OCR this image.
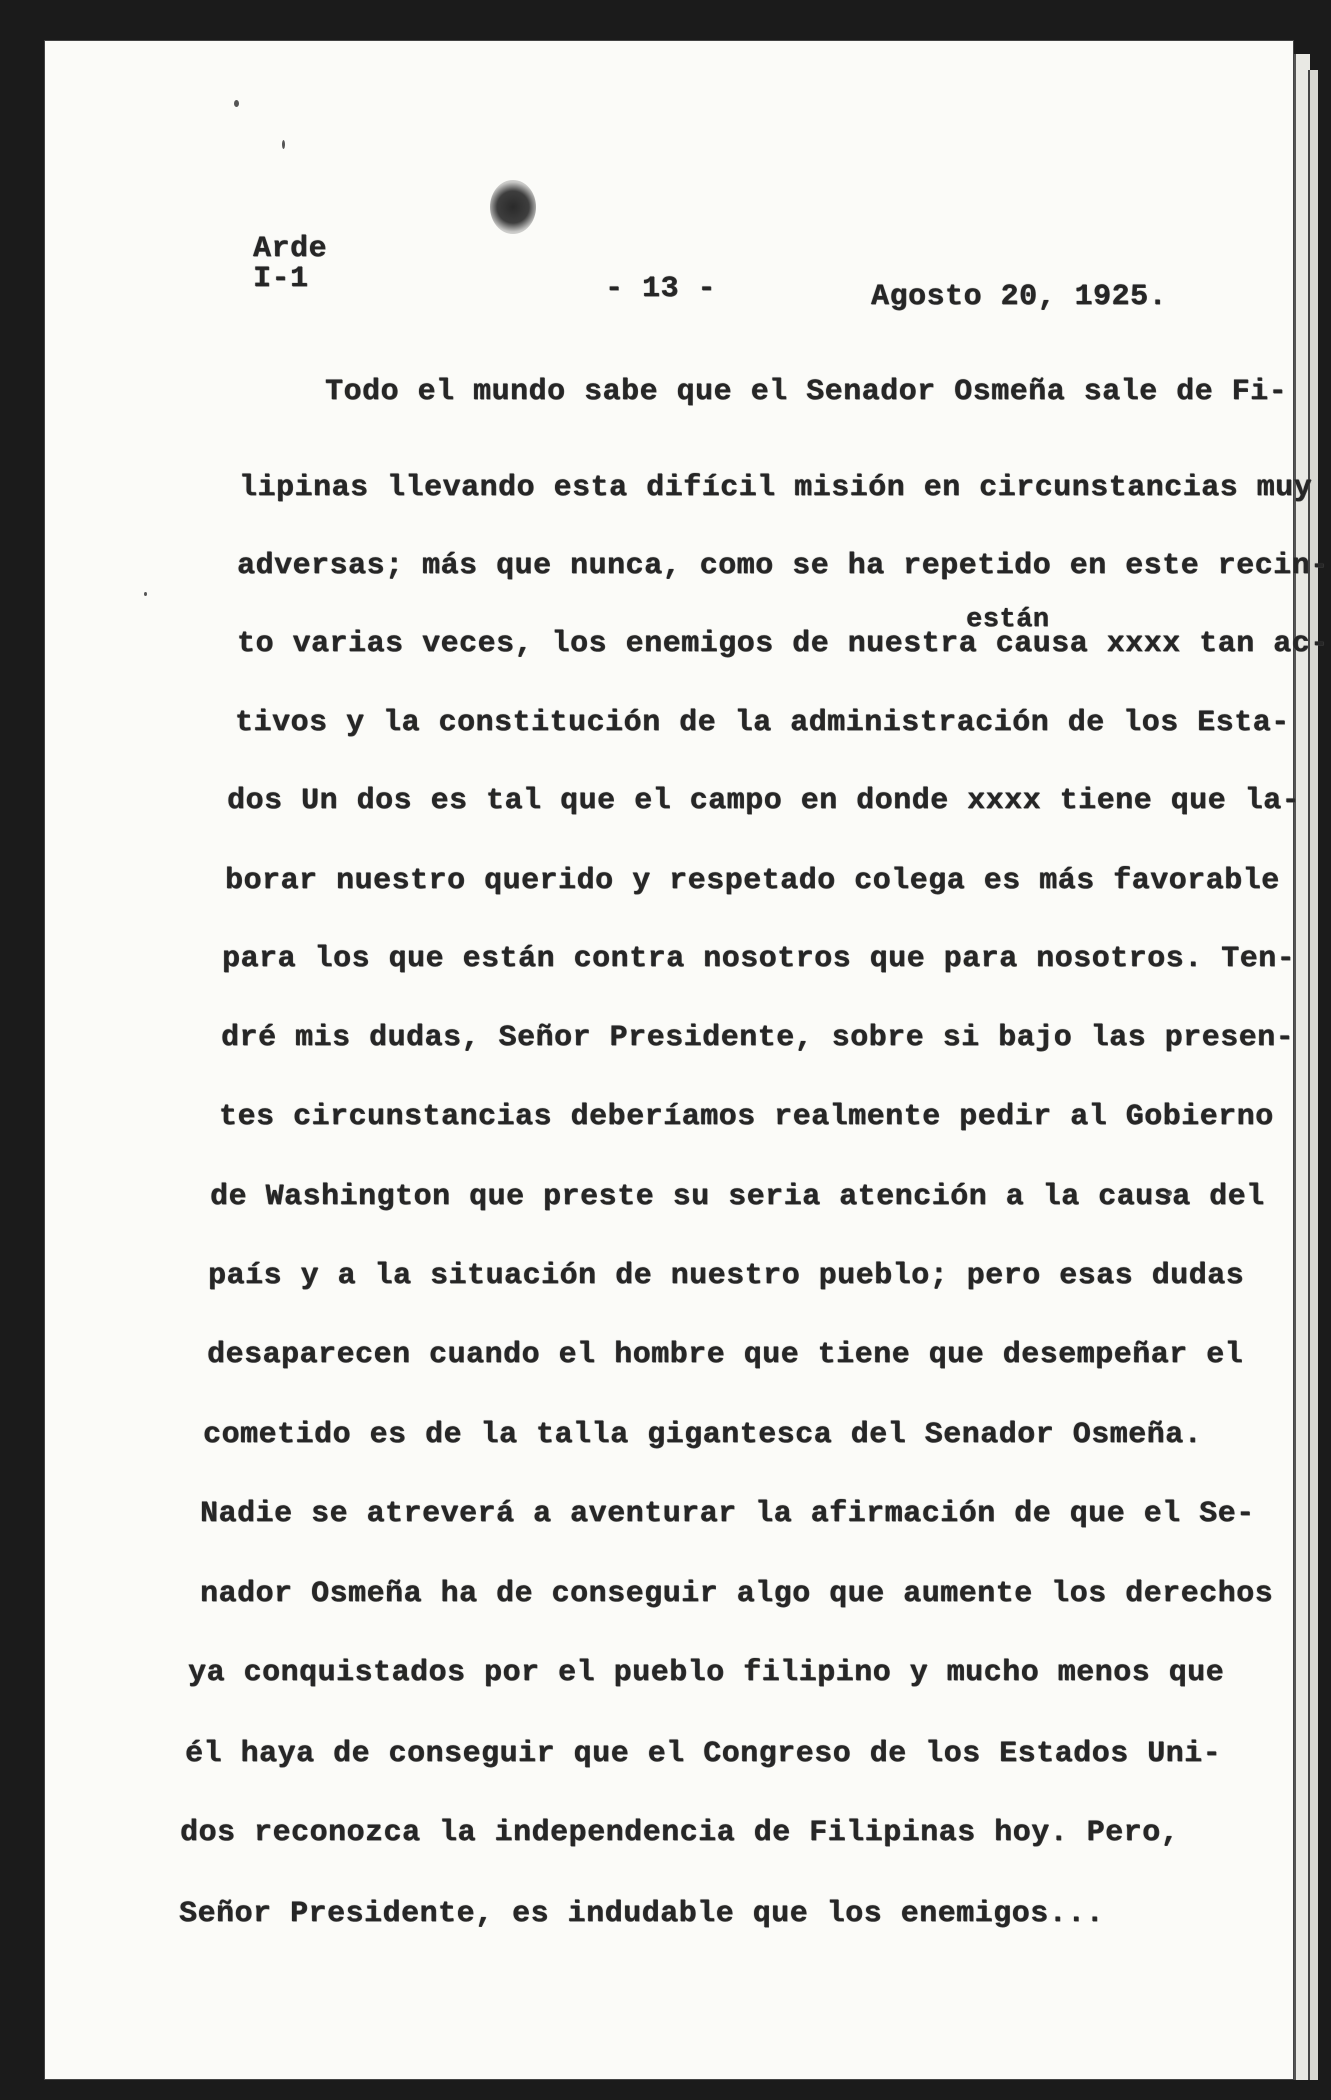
Arde
I-1	- 13 -	Agosto 20, 1925.
están
Todo el mundo sabe que el Senador Osmeña sale de Fi-
lipinas llevando esta difícil misión en circunstancias muy
adversas; más que nunca, como se ha repetido en este recin-
to varias veces, los enemigos de nuestra causa xxxx tan ac-
tivos y la constitución de la administración de los Esta-
dos Un dos es tal que el campo en donde xxxx tiene que la-
borar nuestro querido y respetado colega es más favorable
para los que están contra nosotros que para nosotros. Ten-
dré mis dudas, Señor Presidente, sobre si bajo las presen-
tes circunstancias deberíamos realmente pedir al Gobierno
de Washington que preste su seria atención a la causa del
país y a la situación de nuestro pueblo; pero esas dudas
desaparecen cuando el hombre que tiene que desempeñar el
cometido es de la talla gigantesca del Senador Osmeña.
Nadie se atreverá a aventurar la afirmación de que el Se-
nador Osmeña ha de conseguir algo que aumente los derechos
ya conquistados por el pueblo filipino y mucho menos que
él haya de conseguir que el Congreso de los Estados Uni-
dos reconozca la independencia de Filipinas hoy. Pero,
Señor Presidente, es indudable que los enemigos...
